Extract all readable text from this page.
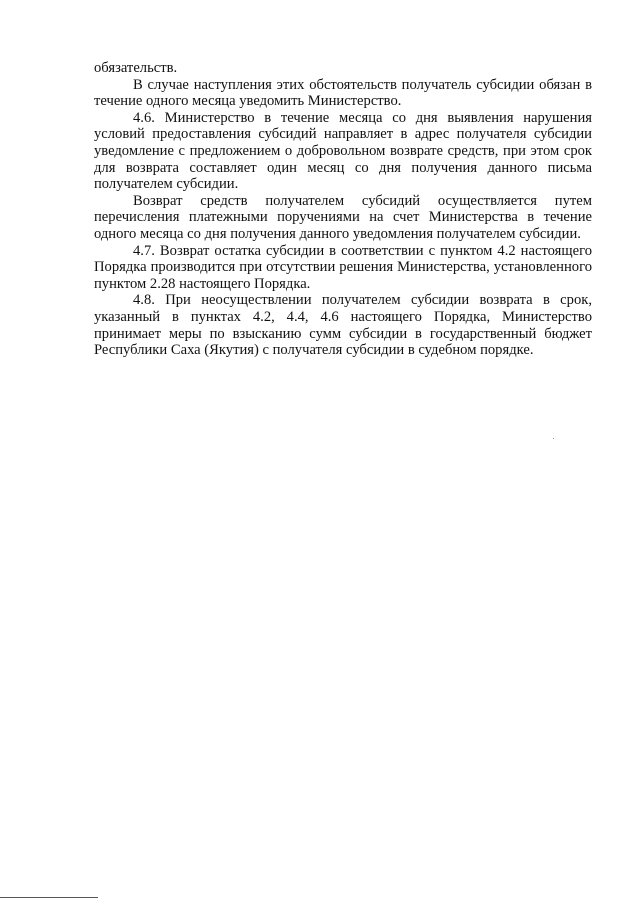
обязательств.

В случае наступления этих обстоятельств получатель субсидии обязан в течение одного месяца уведомить Министерство.

4.6. Министерство в течение месяца со дня выявления нарушения условий предоставления субсидий направляет в адрес получателя субсидии уведомление с предложением о добровольном возврате средств, при этом срок для возврата составляет один месяц со дня получения данного письма получателем субсидии.

Возврат средств получателем субсидий осуществляется путем перечисления платежными поручениями на счет Министерства в течение одного месяца со дня получения данного уведомления получателем субсидии.

4.7. Возврат остатка субсидии в соответствии с пунктом 4.2 настоящего Порядка производится при отсутствии решения Министерства, установленного пунктом 2.28 настоящего Порядка.

4.8. При неосуществлении получателем субсидии возврата в срок, указанный в пунктах 4.2, 4.4, 4.6 настоящего Порядка, Министерство принимает меры по взысканию сумм субсидии в государственный бюджет Республики Саха (Якутия) с получателя субсидии в судебном порядке.
